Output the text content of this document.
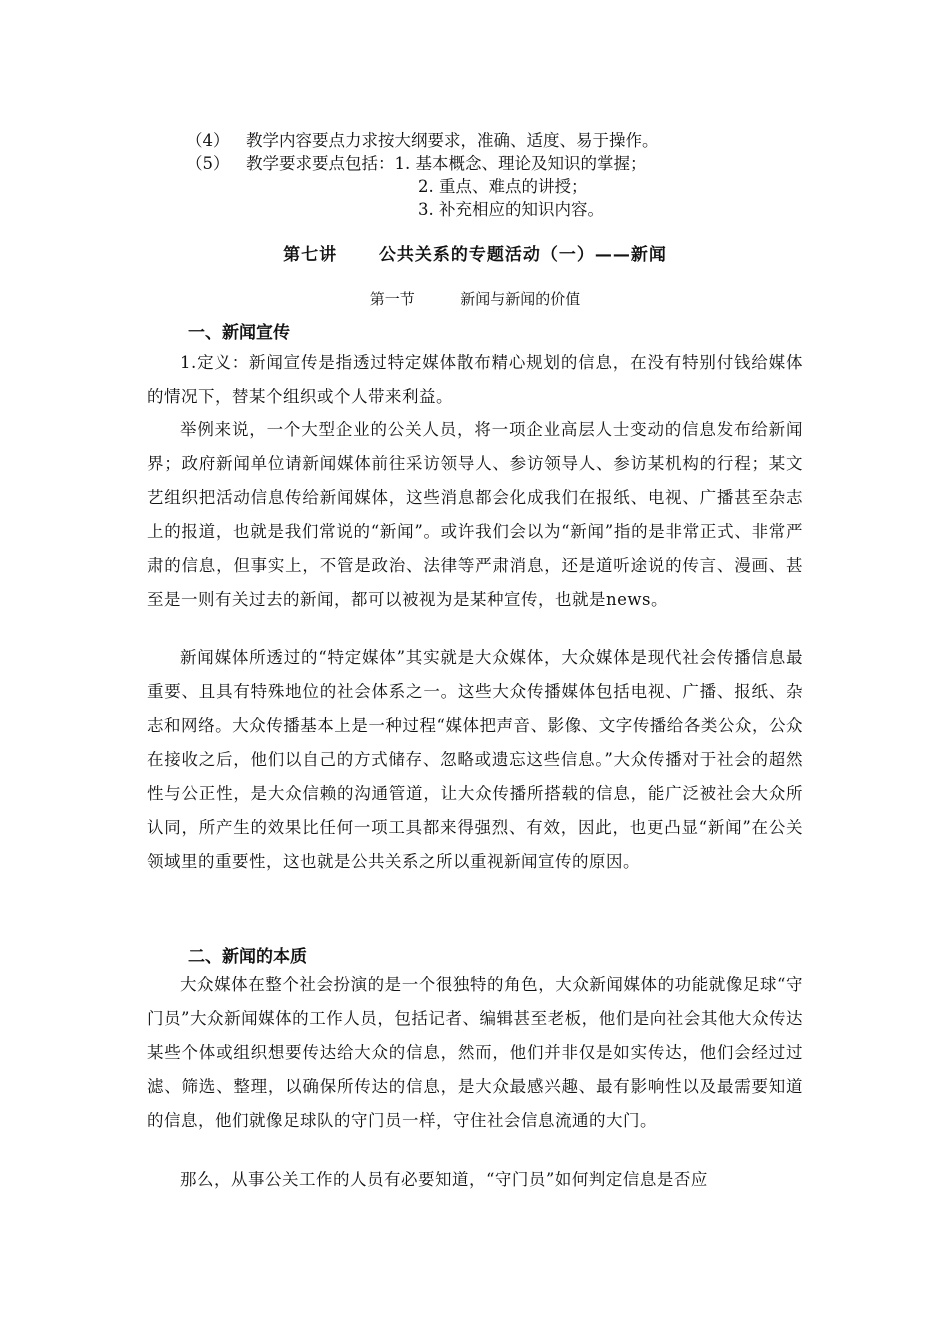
（4） 教学内容要点力求按大纲要求，准确、适度、易于操作。
（5） 教学要求要点包括：1. 基本概念、理论及知识的掌握；
2. 重点、难点的讲授；
3. 补充相应的知识内容。
第七讲 公共关系的专题活动（一）——新闻
第一节	新闻与新闻的价值
一、新闻宣传

1.定义：新闻宣传是指透过特定媒体散布精心规划的信息，在没有特别付钱给媒体的情况下，替某个组织或个人带来利益。

举例来说，一个大型企业的公关人员，将一项企业高层人士变动的信息发布给新闻界；政府新闻单位请新闻媒体前往采访领导人、参访领导人、参访某机构的行程；某文艺组织把活动信息传给新闻媒体，这些消息都会化成我们在报纸、电视、广播甚至杂志上的报道，也就是我们常说的“新闻”。或许我们会以为“新闻”指的是非常正式、非常严肃的信息，但事实上，不管是政治、法律等严肃消息，还是道听途说的传言、漫画、甚至是一则有关过去的新闻，都可以被视为是某种宣传，也就是news。

新闻媒体所透过的“特定媒体”其实就是大众媒体，大众媒体是现代社会传播信息最重要、且具有特殊地位的社会体系之一。这些大众传播媒体包括电视、广播、报纸、杂志和网络。大众传播基本上是一种过程“媒体把声音、影像、文字传播给各类公众，公众在接收之后，他们以自己的方式储存、忽略或遗忘这些信息。”大众传播对于社会的超然性与公正性，是大众信赖的沟通管道，让大众传播所搭载的信息，能广泛被社会大众所认同，所产生的效果比任何一项工具都来得强烈、有效，因此，也更凸显“新闻”在公关领域里的重要性，这也就是公共关系之所以重视新闻宣传的原因。

二、新闻的本质

大众媒体在整个社会扮演的是一个很独特的角色，大众新闻媒体的功能就像足球“守门员”大众新闻媒体的工作人员，包括记者、编辑甚至老板，他们是向社会其他大众传达某些个体或组织想要传达给大众的信息，然而，他们并非仅是如实传达，他们会经过过滤、筛选、整理，以确保所传达的信息，是大众最感兴趣、最有影响性以及最需要知道的信息，他们就像足球队的守门员一样，守住社会信息流通的大门。

那么，从事公关工作的人员有必要知道，“守门员”如何判定信息是否应
